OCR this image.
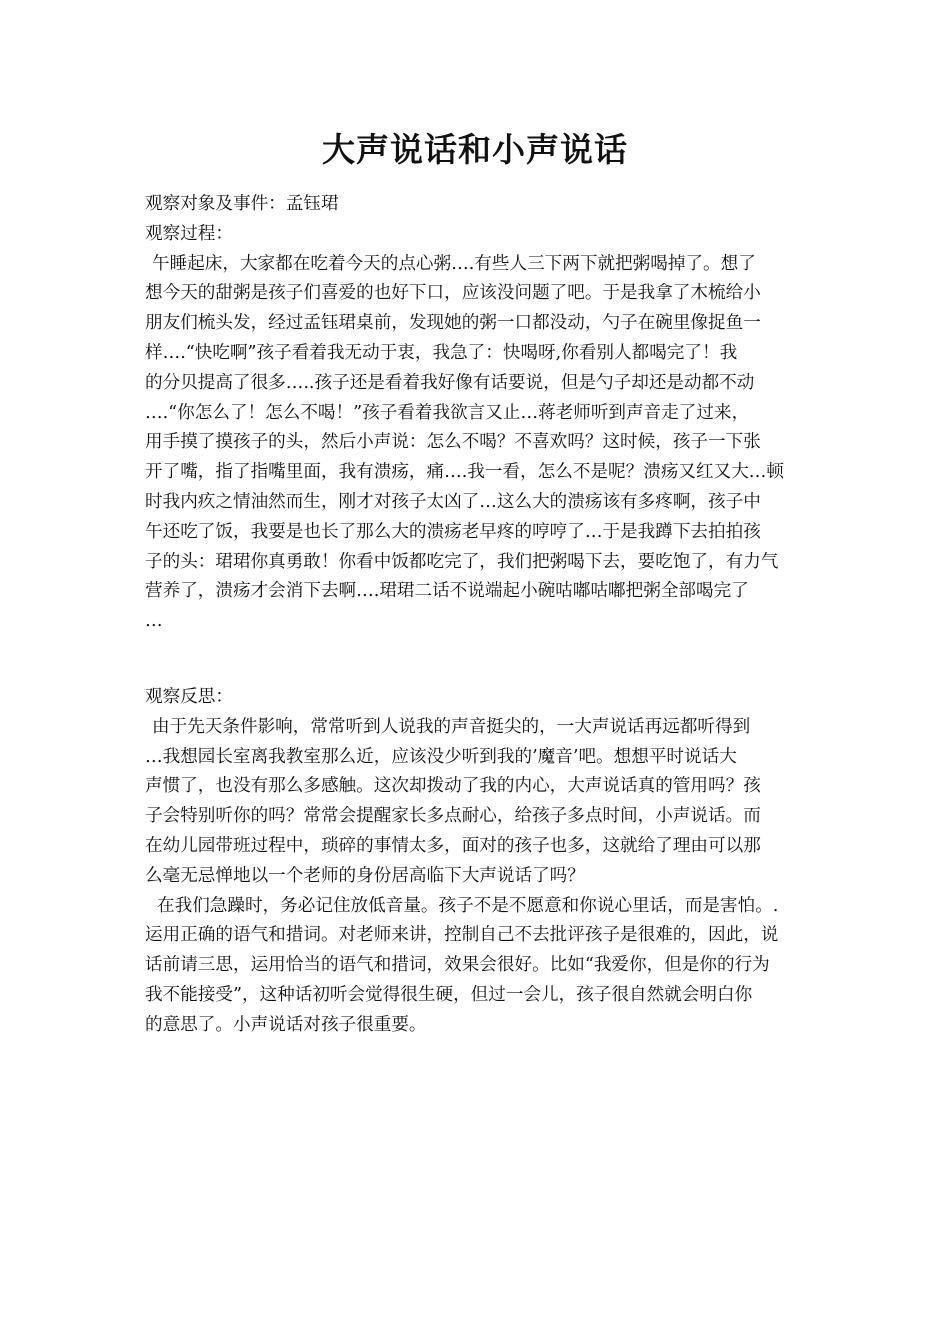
大声说话和小声说话
观察对象及事件：孟钰珺
观察过程：
午睡起床，大家都在吃着今天的点心粥….有些人三下两下就把粥喝掉了。想了
想今天的甜粥是孩子们喜爱的也好下口，应该没问题了吧。于是我拿了木梳给小
朋友们梳头发，经过孟钰珺桌前，发现她的粥一口都没动，勺子在碗里像捉鱼一
样….“快吃啊”孩子看着我无动于衷，我急了：快喝呀,你看别人都喝完了！我
的分贝提高了很多…..孩子还是看着我好像有话要说，但是勺子却还是动都不动
….“你怎么了！怎么不喝！”孩子看着我欲言又止…蒋老师听到声音走了过来，
用手摸了摸孩子的头，然后小声说：怎么不喝？不喜欢吗？这时候，孩子一下张
开了嘴，指了指嘴里面，我有溃疡，痛….我一看，怎么不是呢？溃疡又红又大…顿
时我内疚之情油然而生，刚才对孩子太凶了…这么大的溃疡该有多疼啊，孩子中
午还吃了饭，我要是也长了那么大的溃疡老早疼的哼哼了…于是我蹲下去拍拍孩
子的头：珺珺你真勇敢！你看中饭都吃完了，我们把粥喝下去，要吃饱了，有力气
营养了，溃疡才会消下去啊….珺珺二话不说端起小碗咕嘟咕嘟把粥全部喝完了
…
观察反思：
由于先天条件影响，常常听到人说我的声音挺尖的，一大声说话再远都听得到
…我想园长室离我教室那么近，应该没少听到我的’魔音’吧。想想平时说话大
声惯了，也没有那么多感触。这次却拨动了我的内心，大声说话真的管用吗？孩
子会特别听你的吗？常常会提醒家长多点耐心，给孩子多点时间，小声说话。而
在幼儿园带班过程中，琐碎的事情太多，面对的孩子也多，这就给了理由可以那
么毫无忌惮地以一个老师的身份居高临下大声说话了吗？
在我们急躁时，务必记住放低音量。孩子不是不愿意和你说心里话，而是害怕。.
运用正确的语气和措词。对老师来讲，控制自己不去批评孩子是很难的，因此，说
话前请三思，运用恰当的语气和措词，效果会很好。比如“我爱你，但是你的行为
我不能接受”，这种话初听会觉得很生硬，但过一会儿，孩子很自然就会明白你
的意思了。小声说话对孩子很重要。
